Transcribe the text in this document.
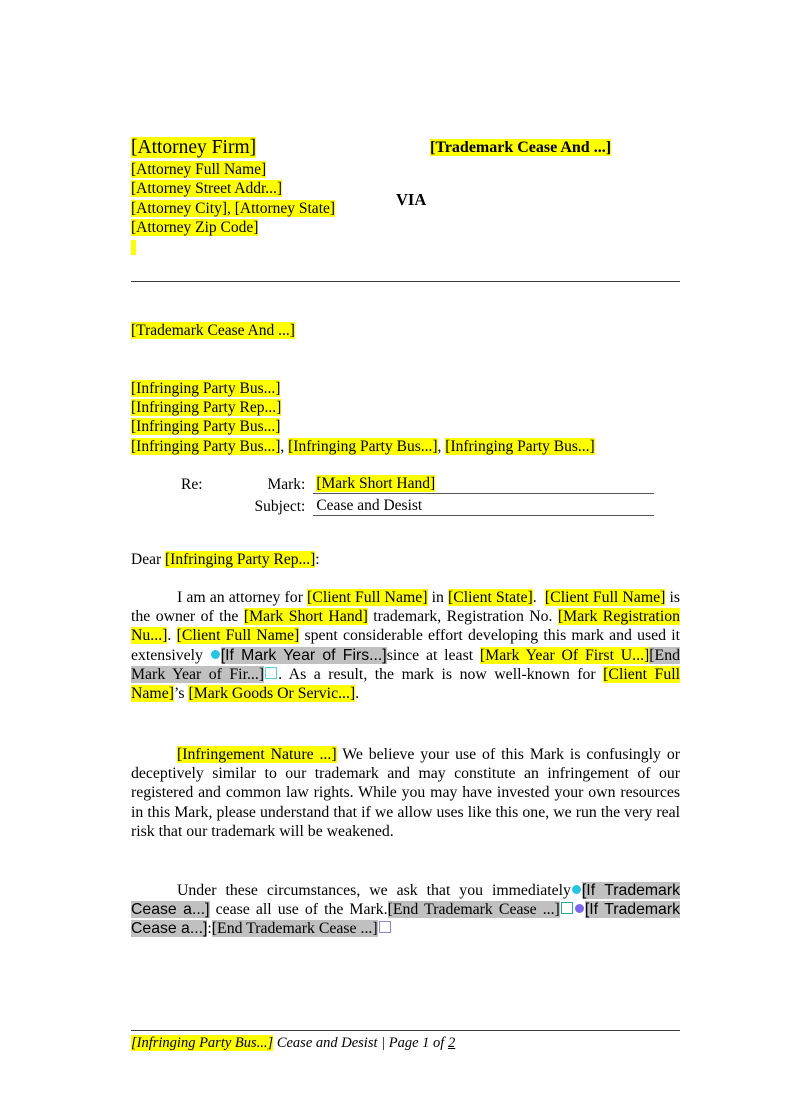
[Attorney Firm]
[Attorney Full Name]
[Attorney Street Addr...]
[Attorney City], [Attorney State]
[Attorney Zip Code]
[Trademark Cease And ...]
VIA
[Trademark Cease And ...]
[Infringing Party Bus...]
[Infringing Party Rep...]
[Infringing Party Bus...]
[Infringing Party Bus...], [Infringing Party Bus...], [Infringing Party Bus...]
Re:	Mark:	[Mark Short Hand]
	Subject:	Cease and Desist
Dear [Infringing Party Rep...]:
I am an attorney for [Client Full Name] in [Client State].  [Client Full Name] is the owner of the [Mark Short Hand] trademark, Registration No. [Mark Registration Nu...]. [Client Full Name] spent considerable effort developing this mark and used it extensively [If Mark Year of Firs...]since at least [Mark Year Of First U...][End Mark Year of Fir...] . As a result, the mark is now well-known for [Client Full Name]’s [Mark Goods Or Servic...].
[Infringement Nature ...] We believe your use of this Mark is confusingly or deceptively similar to our trademark and may constitute an infringement of our registered and common law rights. While you may have invested your own resources in this Mark, please understand that if we allow uses like this one, we run the very real risk that our trademark will be weakened.
Under these circumstances, we ask that you immediately [If Trademark Cease a...] cease all use of the Mark.[End Trademark Cease ...] [If Trademark Cease a...]:[End Trademark Cease ...]
[Infringing Party Bus...] Cease and Desist | Page 1 of 2
